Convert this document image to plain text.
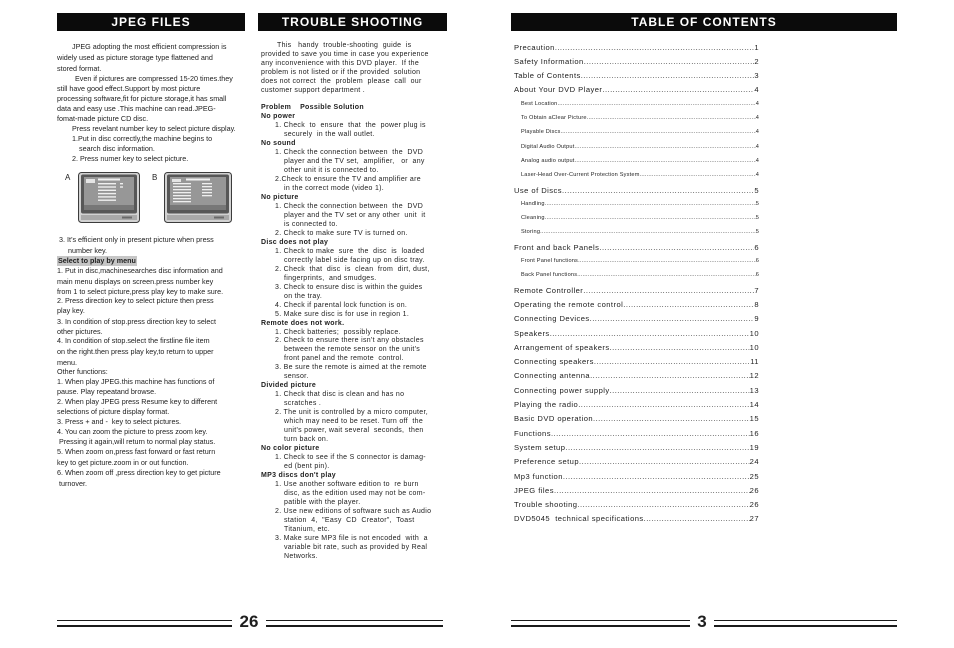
JPEG FILES	TROUBLE SHOOTING	TABLE OF CONTENTS
A	B
JPEG adopting the most efficient compression is
widely used as picture storage type flattened and
stored format.
Even if pictures are compressed 15-20 times.they
still have good effect.Support by most picture
processing software,fit for picture storage,it has small
data and easy use .This machine can read.JPEG-
fomat-made picture CD disc.
Press revelant number key to select picture display.
1.Put in disc correctly,the machine begins to
search disc information.
2. Press numer key to select picture.
3. It’s efficient only in present picture when press
number key.
Select to play by menu
1. Put in disc,machinesearches disc information and
main menu displays on screen.press number key
from 1 to select picture,press play key to make sure.
2. Press direction key to select picture then press
play key.
3. In condition of stop.press direction key to select
other pictures.
4. In condition of stop.select the firstline file item
on the right.then press play key,to return to upper
menu.
Other functions:
1. When play JPEG.this machine has functions of
pause. Play repeatand browse.
2. When play JPEG press Resume key to different
selections of picture display format.
3. Press + and -  key to select pictures.
4. You can zoom the picture to press zoom key.
Pressing it again,will return to normal play status.
5. When zoom on,press fast forward or fast return
key to get picture.zoom in or out function.
6. When zoom off ,press direction key to get picture
turnover.
This   handy  trouble-shooting  guide  is
provided to save you time in case you experience
any inconvenience with this DVD player.  If the
problem is not listed or if the provided  solution
does not correct  the  problem  please  call  our
customer support department .
Problem    Possible Solution
No power
1. Check  to  ensure  that  the  power plug is
securely  in the wall outlet.
No sound
1. Check the connection between  the  DVD
player and the TV set,  amplifier,   or  any
other unit it is connected to.
2.Check to ensure the TV and amplifier are
in the correct mode (video 1).
No picture
1. Check the connection between  the  DVD
player and the TV set or any other  unit  it
is connected to.
2. Check to make sure TV is turned on.
Disc does not play
1. Check to make  sure  the  disc  is  loaded
correctly label side facing up on disc tray.
2. Check  that  disc  is  clean  from  dirt, dust,
fingerprints,  and smudges.
3. Check to ensure disc is within the guides
on the tray.
4. Check if parental lock function is on.
5. Make sure disc is for use in region 1.
Remote does not work.
1. Check batteries;  possibly replace.
2. Check to ensure there isn't any obstacles
between the remote sensor on the unit's
front panel and the remote  control.
3. Be sure the remote is aimed at the remote
sensor.
Divided picture
1. Check that disc is clean and has no
scratches .
2. The unit is controlled by a micro computer,
which may need to be reset. Turn off  the
unit's power, wait several  seconds,  then
turn back on.
No color picture
1. Check to see if the S connector is damag-
ed (bent pin).
MP3 discs don't play
1. Use another software edition to  re burn
disc, as the edition used may not be com-
patible with the player.
2. Use new editions of software such as Audio
station  4,  "Easy  CD  Creator",  Toast
Titanium, etc.
3. Make sure MP3 file is not encoded  with  a
variable bit rate, such as provided by Real
Networks.
Precaution .....	1
Safety Information .....	2
Table of Contents .....	3
About Your DVD Player .....	4
Best Location .....	4
To Obtain aClear Picture .....	4
Playable Discs .....	4
Digital Audio Output .....	4
Analog audio output .....	4
Laser-Head Over-Current Protection System .....	4
Use of Discs .....	5
Handling .....	5
Cleaning .....	5
Storing .....	5
Front and back Panels .....	6
Front Panel functions .....	6
Back Panel functions .....	6
Remote Controller .....	7
Operating the remote control .....	8
Connecting Devices .....	9
Speakers .....	10
Arrangement of speakers .....	10
Connecting speakers .....	11
Connecting antenna .....	12
Connecting power supply .....	13
Playing the radio .....	14
Basic DVD operation .....	15
Functions .....	16
System setup .....	19
Preference setup .....	24
Mp3 function .....	25
JPEG files .....	26
Trouble shooting .....	26
DVD5045  technical specifications .....	27
26	3
